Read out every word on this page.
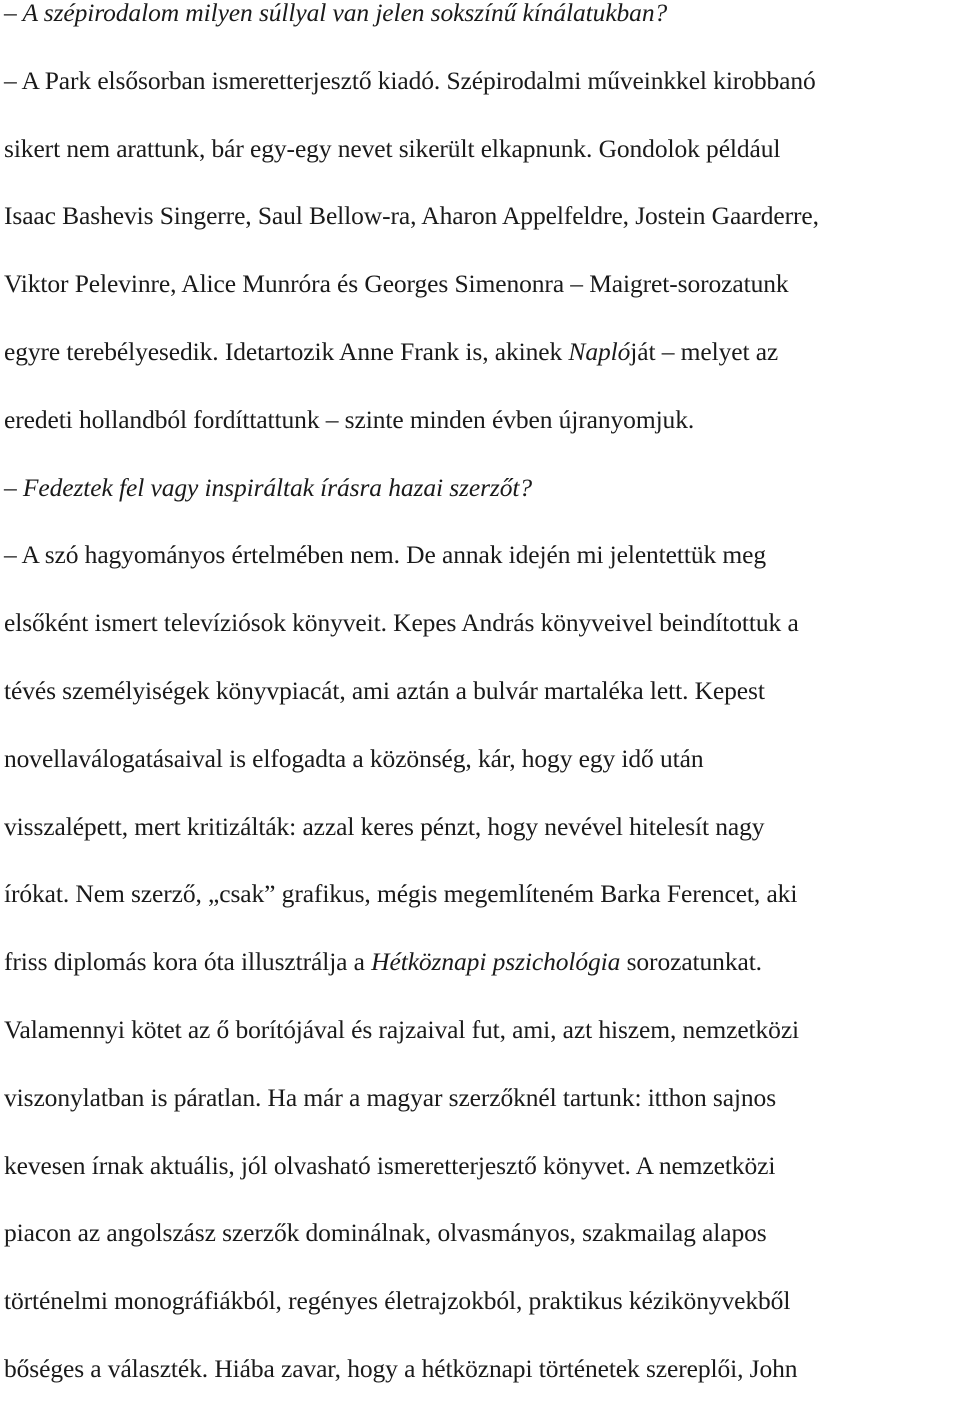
– A szépirodalom milyen súllyal van jelen sokszínű kínálatukban?
– A Park elsősorban ismeretterjesztő kiadó. Szépirodalmi műveinkkel kirobbanó
sikert nem arattunk, bár egy-egy nevet sikerült elkapnunk. Gondolok például
Isaac Bashevis Singerre, Saul Bellow-ra, Aharon Appelfeldre, Jostein Gaarderre,
Viktor Pelevinre, Alice Munróra és Georges Simenonra – Maigret-sorozatunk
egyre terebélyesedik. Idetartozik Anne Frank is, akinek Naplóját – melyet az
eredeti hollandból fordíttattunk – szinte minden évben újranyomjuk.
– Fedeztek fel vagy inspiráltak írásra hazai szerzőt?
– A szó hagyományos értelmében nem. De annak idején mi jelentettük meg
elsőként ismert televíziósok könyveit. Kepes András könyveivel beindítottuk a
tévés személyiségek könyvpiacát, ami aztán a bulvár martaléka lett. Kepest
novellaválogatásaival is elfogadta a közönség, kár, hogy egy idő után
visszalépett, mert kritizálták: azzal keres pénzt, hogy nevével hitelesít nagy
írókat. Nem szerző, „csak” grafikus, mégis megemlíteném Barka Ferencet, aki
friss diplomás kora óta illusztrálja a Hétköznapi pszichológia sorozatunkat.
Valamennyi kötet az ő borítójával és rajzaival fut, ami, azt hiszem, nemzetközi
viszonylatban is páratlan. Ha már a magyar szerzőknél tartunk: itthon sajnos
kevesen írnak aktuális, jól olvasható ismeretterjesztő könyvet. A nemzetközi
piacon az angolszász szerzők dominálnak, olvasmányos, szakmailag alapos
történelmi monográfiákból, regényes életrajzokból, praktikus kézikönyvekből
bőséges a választék. Hiába zavar, hogy a hétköznapi történetek szereplői, John
